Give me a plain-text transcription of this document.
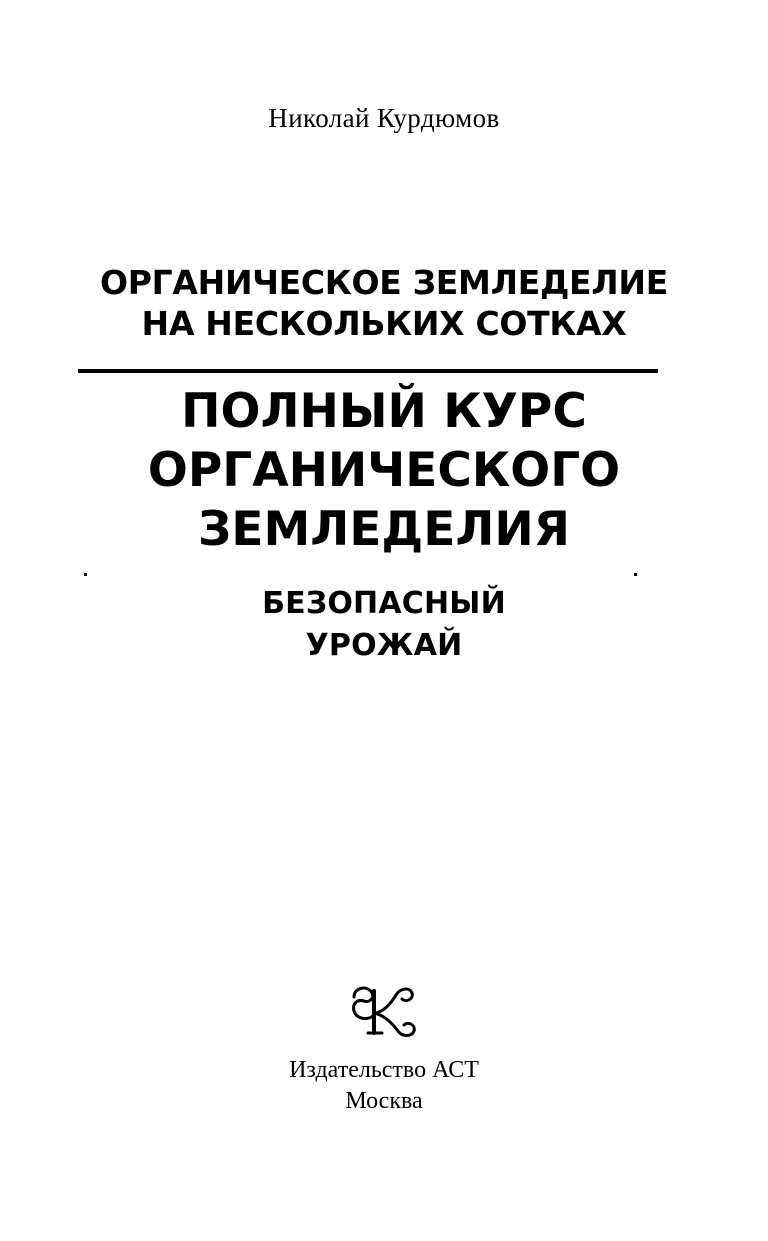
Николай Курдюмов
ОРГАНИЧЕСКОЕ ЗЕМЛЕДЕЛИЕ
НА НЕСКОЛЬКИХ СОТКАХ
ПОЛНЫЙ КУРС
ОРГАНИЧЕСКОГО
ЗЕМЛЕДЕЛИЯ
БЕЗОПАСНЫЙ
УРОЖАЙ
Издательство АСТ
Москва
